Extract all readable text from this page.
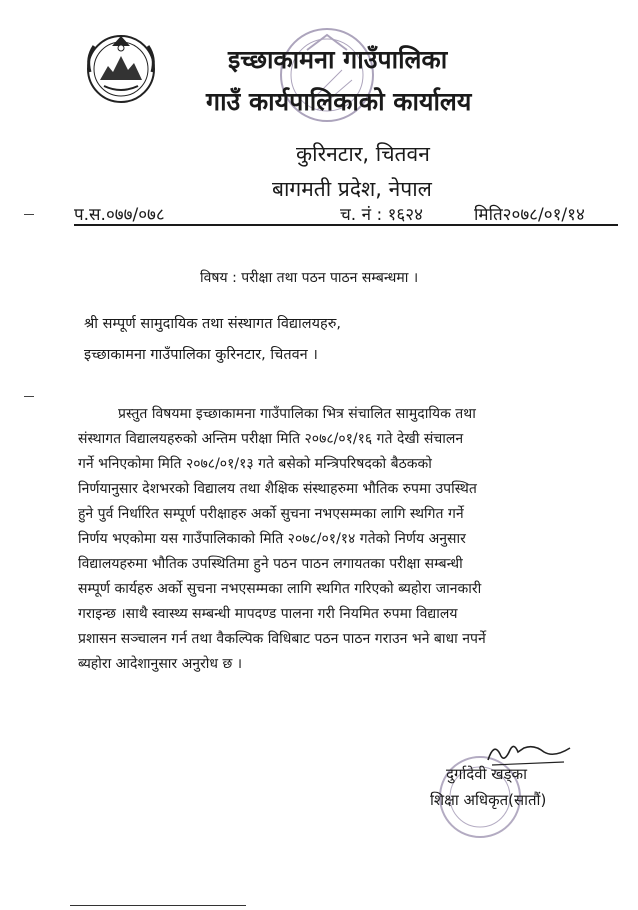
इच्छाकामना गाउँपालिका
गाउँ कार्यपालिकाको कार्यालय
कुरिनटार, चितवन
बागमती प्रदेश, नेपाल
प.स.०७७/०७८	च. नं : १६२४	मिति२०७८/०१/१४
विषय : परीक्षा तथा पठन पाठन सम्बन्धमा ।
श्री सम्पूर्ण सामुदायिक तथा संस्थागत विद्यालयहरु,
इच्छाकामना गाउँपालिका कुरिनटार, चितवन ।
प्रस्तुत विषयमा इच्छाकामना गाउँपालिका भित्र संचालित सामुदायिक तथा
संस्थागत विद्यालयहरुको अन्तिम परीक्षा मिति २०७८/०१/१६ गते देखी संचालन
गर्ने भनिएकोमा मिति २०७८/०१/१३ गते बसेको मन्त्रिपरिषदको बैठकको
निर्णयानुसार देशभरको विद्यालय तथा शैक्षिक संस्थाहरुमा भौतिक रुपमा उपस्थित
हुने पुर्व निर्धारित सम्पूर्ण परीक्षाहरु अर्को सुचना नभएसम्मका लागि स्थगित गर्ने
निर्णय भएकोमा यस गाउँपालिकाको मिति २०७८/०१/१४ गतेको निर्णय अनुसार
विद्यालयहरुमा भौतिक उपस्थितिमा हुने पठन पाठन लगायतका परीक्षा सम्बन्धी
सम्पूर्ण कार्यहरु अर्को सुचना नभएसम्मका लागि स्थगित गरिएको ब्यहोरा जानकारी
गराइन्छ ।साथै स्वास्थ्य सम्बन्धी मापदण्ड पालना गरी नियमित रुपमा विद्यालय
प्रशासन सञ्चालन गर्न तथा वैकल्पिक विधिबाट पठन पाठन गराउन भने बाधा नपर्ने
ब्यहोरा आदेशानुसार अनुरोध छ ।
दुर्गादेवी खड्का
शिक्षा अधिकृत(सातौं)
